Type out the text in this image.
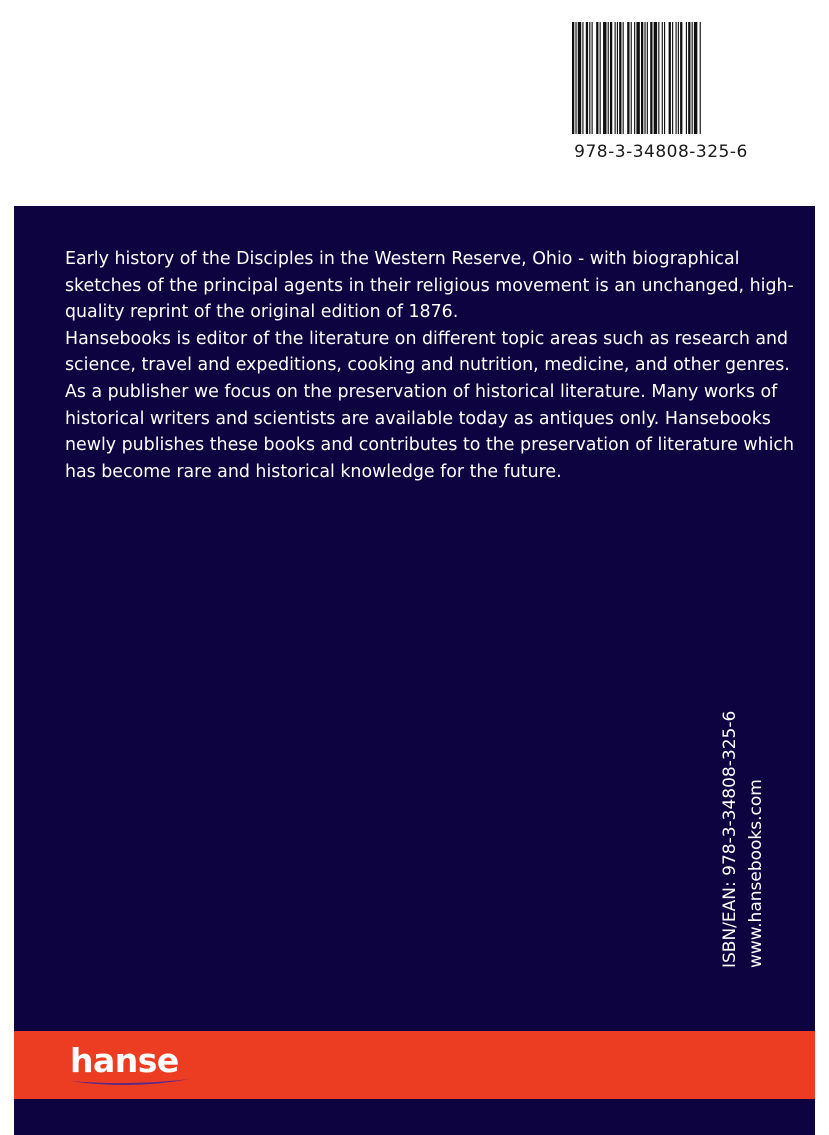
978-3-34808-325-6

Early history of the Disciples in the Western Reserve, Ohio - with biographical sketches of the principal agents in their religious movement is an unchanged, high-quality reprint of the original edition of 1876.

Hansebooks is editor of the literature on different topic areas such as research and science, travel and expeditions, cooking and nutrition, medicine, and other genres. As a publisher we focus on the preservation of historical literature. Many works of historical writers and scientists are available today as antiques only. Hansebooks newly publishes these books and contributes to the preservation of literature which has become rare and historical knowledge for the future.

ISBN/EAN: 978-3-34808-325-6 www.hansebooks.com
hanse
